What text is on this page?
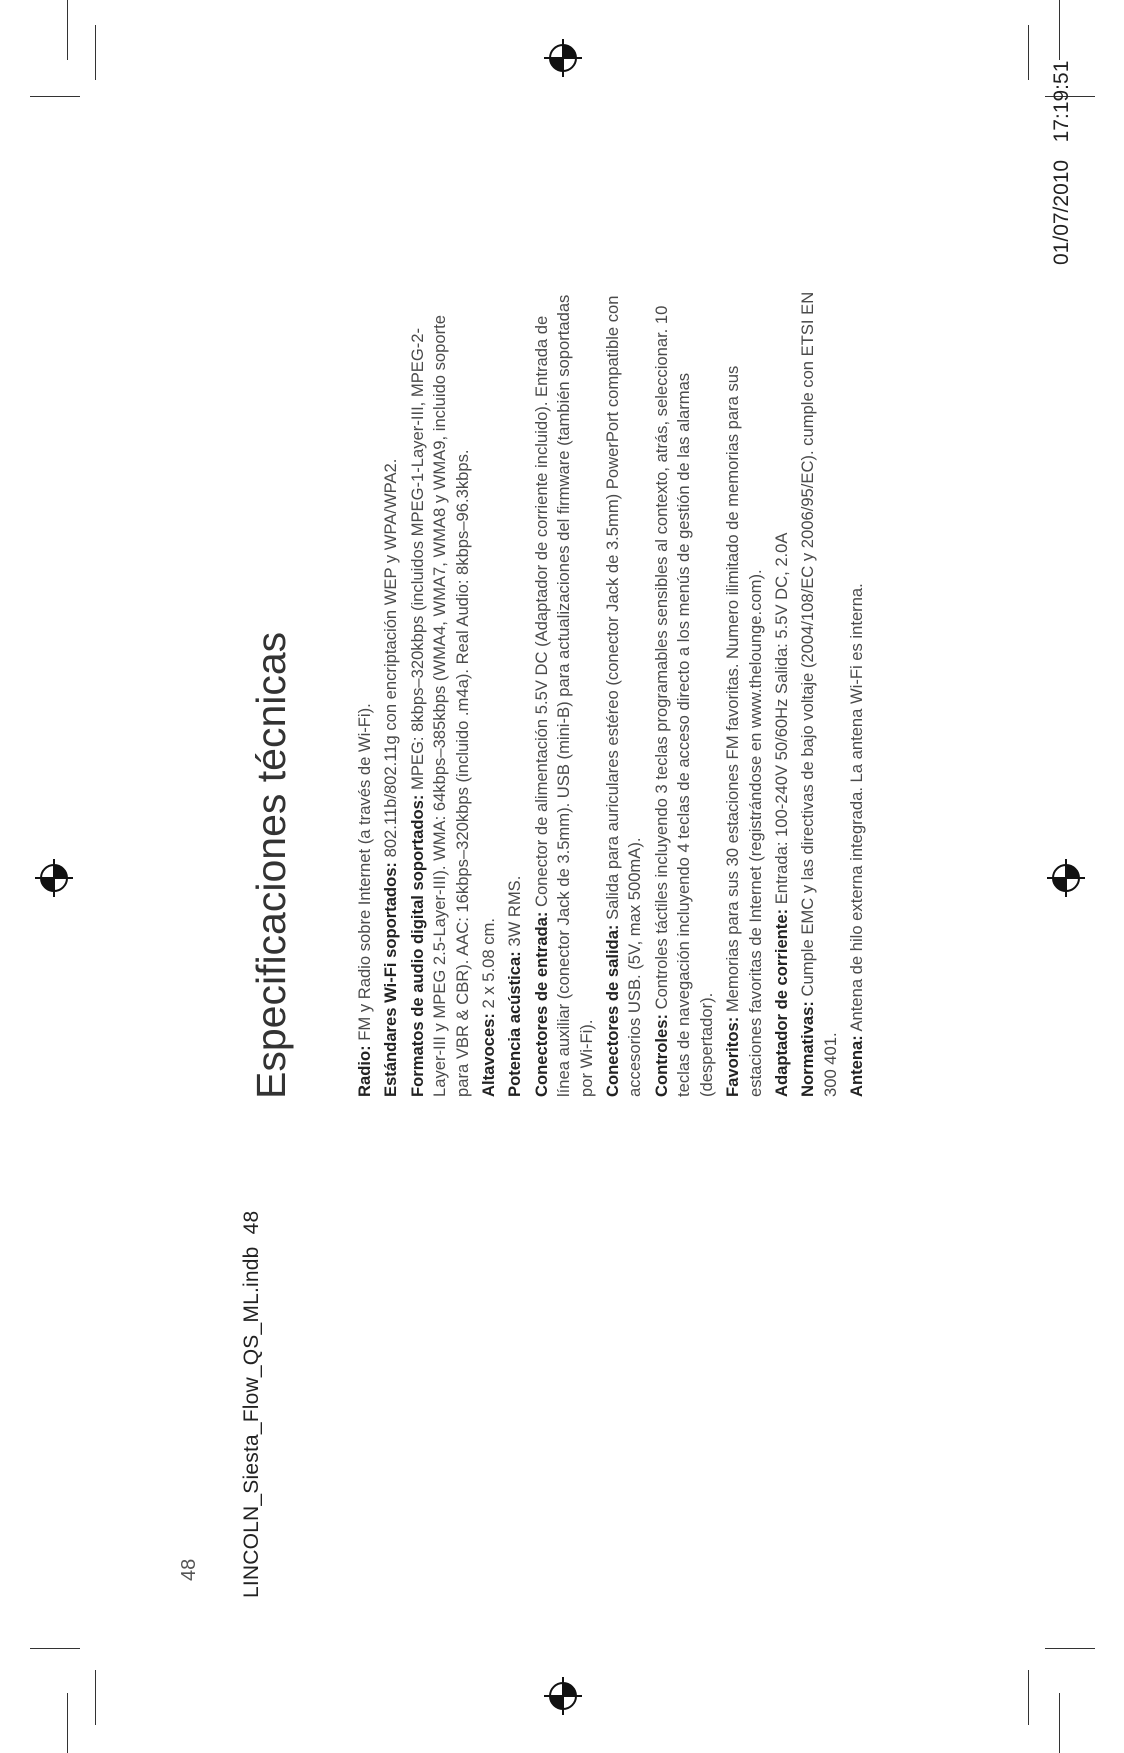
48 LINCOLN_Siesta_Flow_QS_ML.indb  48
01/07/2010   17:19:51
Especificaciones técnicas	Radio: FM y Radio sobre Internet (a través de Wi-Fi). Estándares Wi-Fi soportados: 802.11b/802.11g con encriptación WEP y WPA/WPA2.

Formatos de audio digital soportados: MPEG: 8kbps–320kbps (incluidos MPEG-1-Layer-III, MPEG-2-Layer-III y MPEG 2.5-Layer-III). WMA: 64kbps–385kbps (WMA4, WMA7, WMA8 y WMA9, incluido soporte para VBR & CBR). AAC: 16kbps–320kbps (incluido .m4a). Real Audio: 8kbps–96.3kbps. Altavoces: 2 x 5.08 cm. Potencia acústica: 3W RMS.

Conectores de entrada: Conector de alimentación 5.5V DC (Adaptador de corriente incluido). Entrada de línea auxiliar (conector Jack de 3.5mm). USB (mini-B) para actualizaciones del firmware (también soportadas por Wi-Fi). Conectores de salida: Salida para auriculares estéreo (conector Jack de 3.5mm) PowerPort compatible con accesorios USB. (5V, max 500mA). Controles: Controles táctiles incluyendo 3 teclas programables sensibles al contexto, atrás, seleccionar. 10 teclas de navegación incluyendo 4 teclas de acceso directo a los menús de gestión de las alarmas (despertador). Favoritos: Memorias para sus 30 estaciones FM favoritas. Numero ilimitado de memorias para sus estaciones favoritas de Internet (registrándose en www.thelounge.com). Adaptador de corriente: Entrada: 100-240V 50/60Hz Salida: 5.5V DC, 2.0A

Normativas: Cumple EMC y las directivas de bajo voltaje (2004/108/EC y 2006/95/EC). cumple con ETSI EN 300 401. Antena: Antena de hilo externa integrada. La antena Wi-Fi es interna.
